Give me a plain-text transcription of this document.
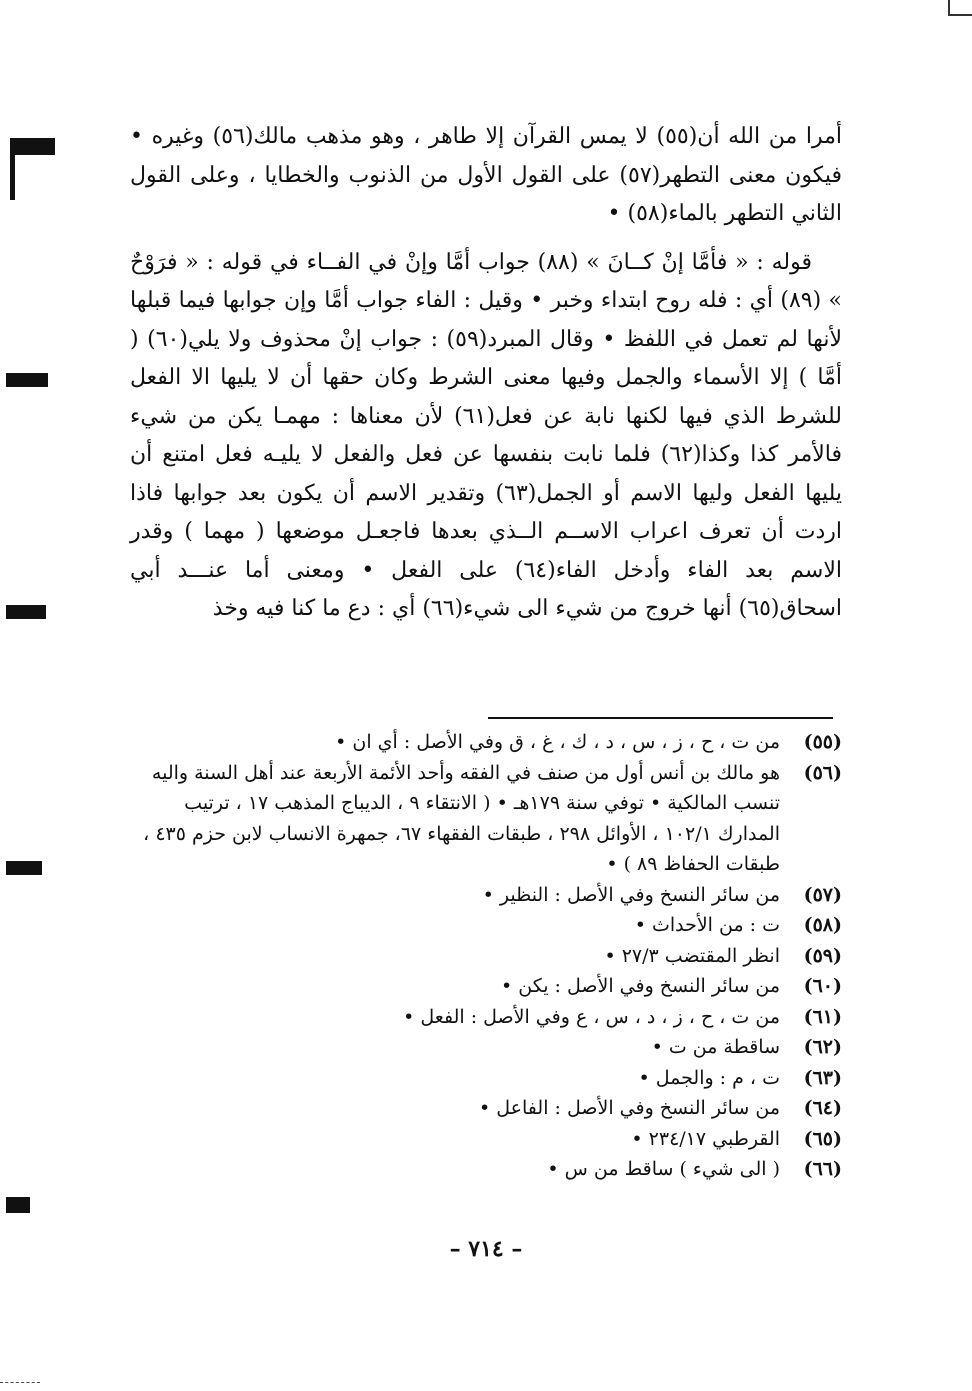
أمرا من الله أن(٥٥) لا يمس القرآن إلا طاهر ، وهو مذهب مالك(٥٦) وغيره • فيكون معنى التطهر(٥٧) على القول الأول من الذنوب والخطايا ، وعلى القول الثاني التطهر بالماء(٥٨) •

قوله : « فأمَّا إنْ كــانَ » (٨٨) جواب أمَّا وإنْ في الفــاء في قوله : « فرَوْحٌ » (٨٩) أي : فله روح ابتداء وخبر • وقيل : الفاء جواب أمَّا وإن جوابها فيما قبلها لأنها لم تعمل في اللفظ • وقال المبرد(٥٩) : جواب إنْ محذوف ولا يلي(٦٠) ( أمَّا ) إلا الأسماء والجمل وفيها معنى الشرط وكان حقها أن لا يليها الا الفعل للشرط الذي فيها لكنها نابة عن فعل(٦١) لأن معناها : مهمـا يكن من شيء فالأمر كذا وكذا(٦٢) فلما نابت بنفسها عن فعل والفعل لا يليـه فعل امتنع أن يليها الفعل وليها الاسم أو الجمل(٦٣) وتقدير الاسم أن يكون بعد جوابها فاذا اردت أن تعرف اعراب الاســم الــذي بعدها فاجعـل موضعها ( مهما ) وقدر الاسم بعد الفاء وأدخل الفاء(٦٤) على الفعل • ومعنى أما عنـــد أبي اسحاق(٦٥) أنها خروج من شيء الى شيء(٦٦) أي : دع ما كنا فيه وخذ

(٥٥)
من ت ، ح ، ز ، س ، د ، ك ، غ ، ق وفي الأصل : أي ان •
(٥٦)
هو مالك بن أنس أول من صنف في الفقه وأحد الأئمة الأربعة عند أهل السنة واليه تنسب المالكية • توفي سنة ١٧٩هـ • ( الانتقاء ٩ ، الديباج المذهب ١٧ ، ترتيب المدارك ١٠٢/١ ، الأوائل ٢٩٨ ، طبقات الفقهاء ٦٧، جمهرة الانساب لابن حزم ٤٣٥ ، طبقات الحفاظ ٨٩ ) •
(٥٧)
من سائر النسخ وفي الأصل : النظير •
(٥٨)
ت : من الأحداث •
(٥٩)
انظر المقتضب ٢٧/٣ •
(٦٠)
من سائر النسخ وفي الأصل : يكن •
(٦١)
من ت ، ح ، ز ، د ، س ، ع وفي الأصل : الفعل •
(٦٢)
ساقطة من ت •
(٦٣)
ت ، م : والجمل •
(٦٤)
من سائر النسخ وفي الأصل : الفاعل •
(٦٥)
القرطبي ٢٣٤/١٧ •
(٦٦)
( الى شيء ) ساقط من س •
– ٧١٤ –
